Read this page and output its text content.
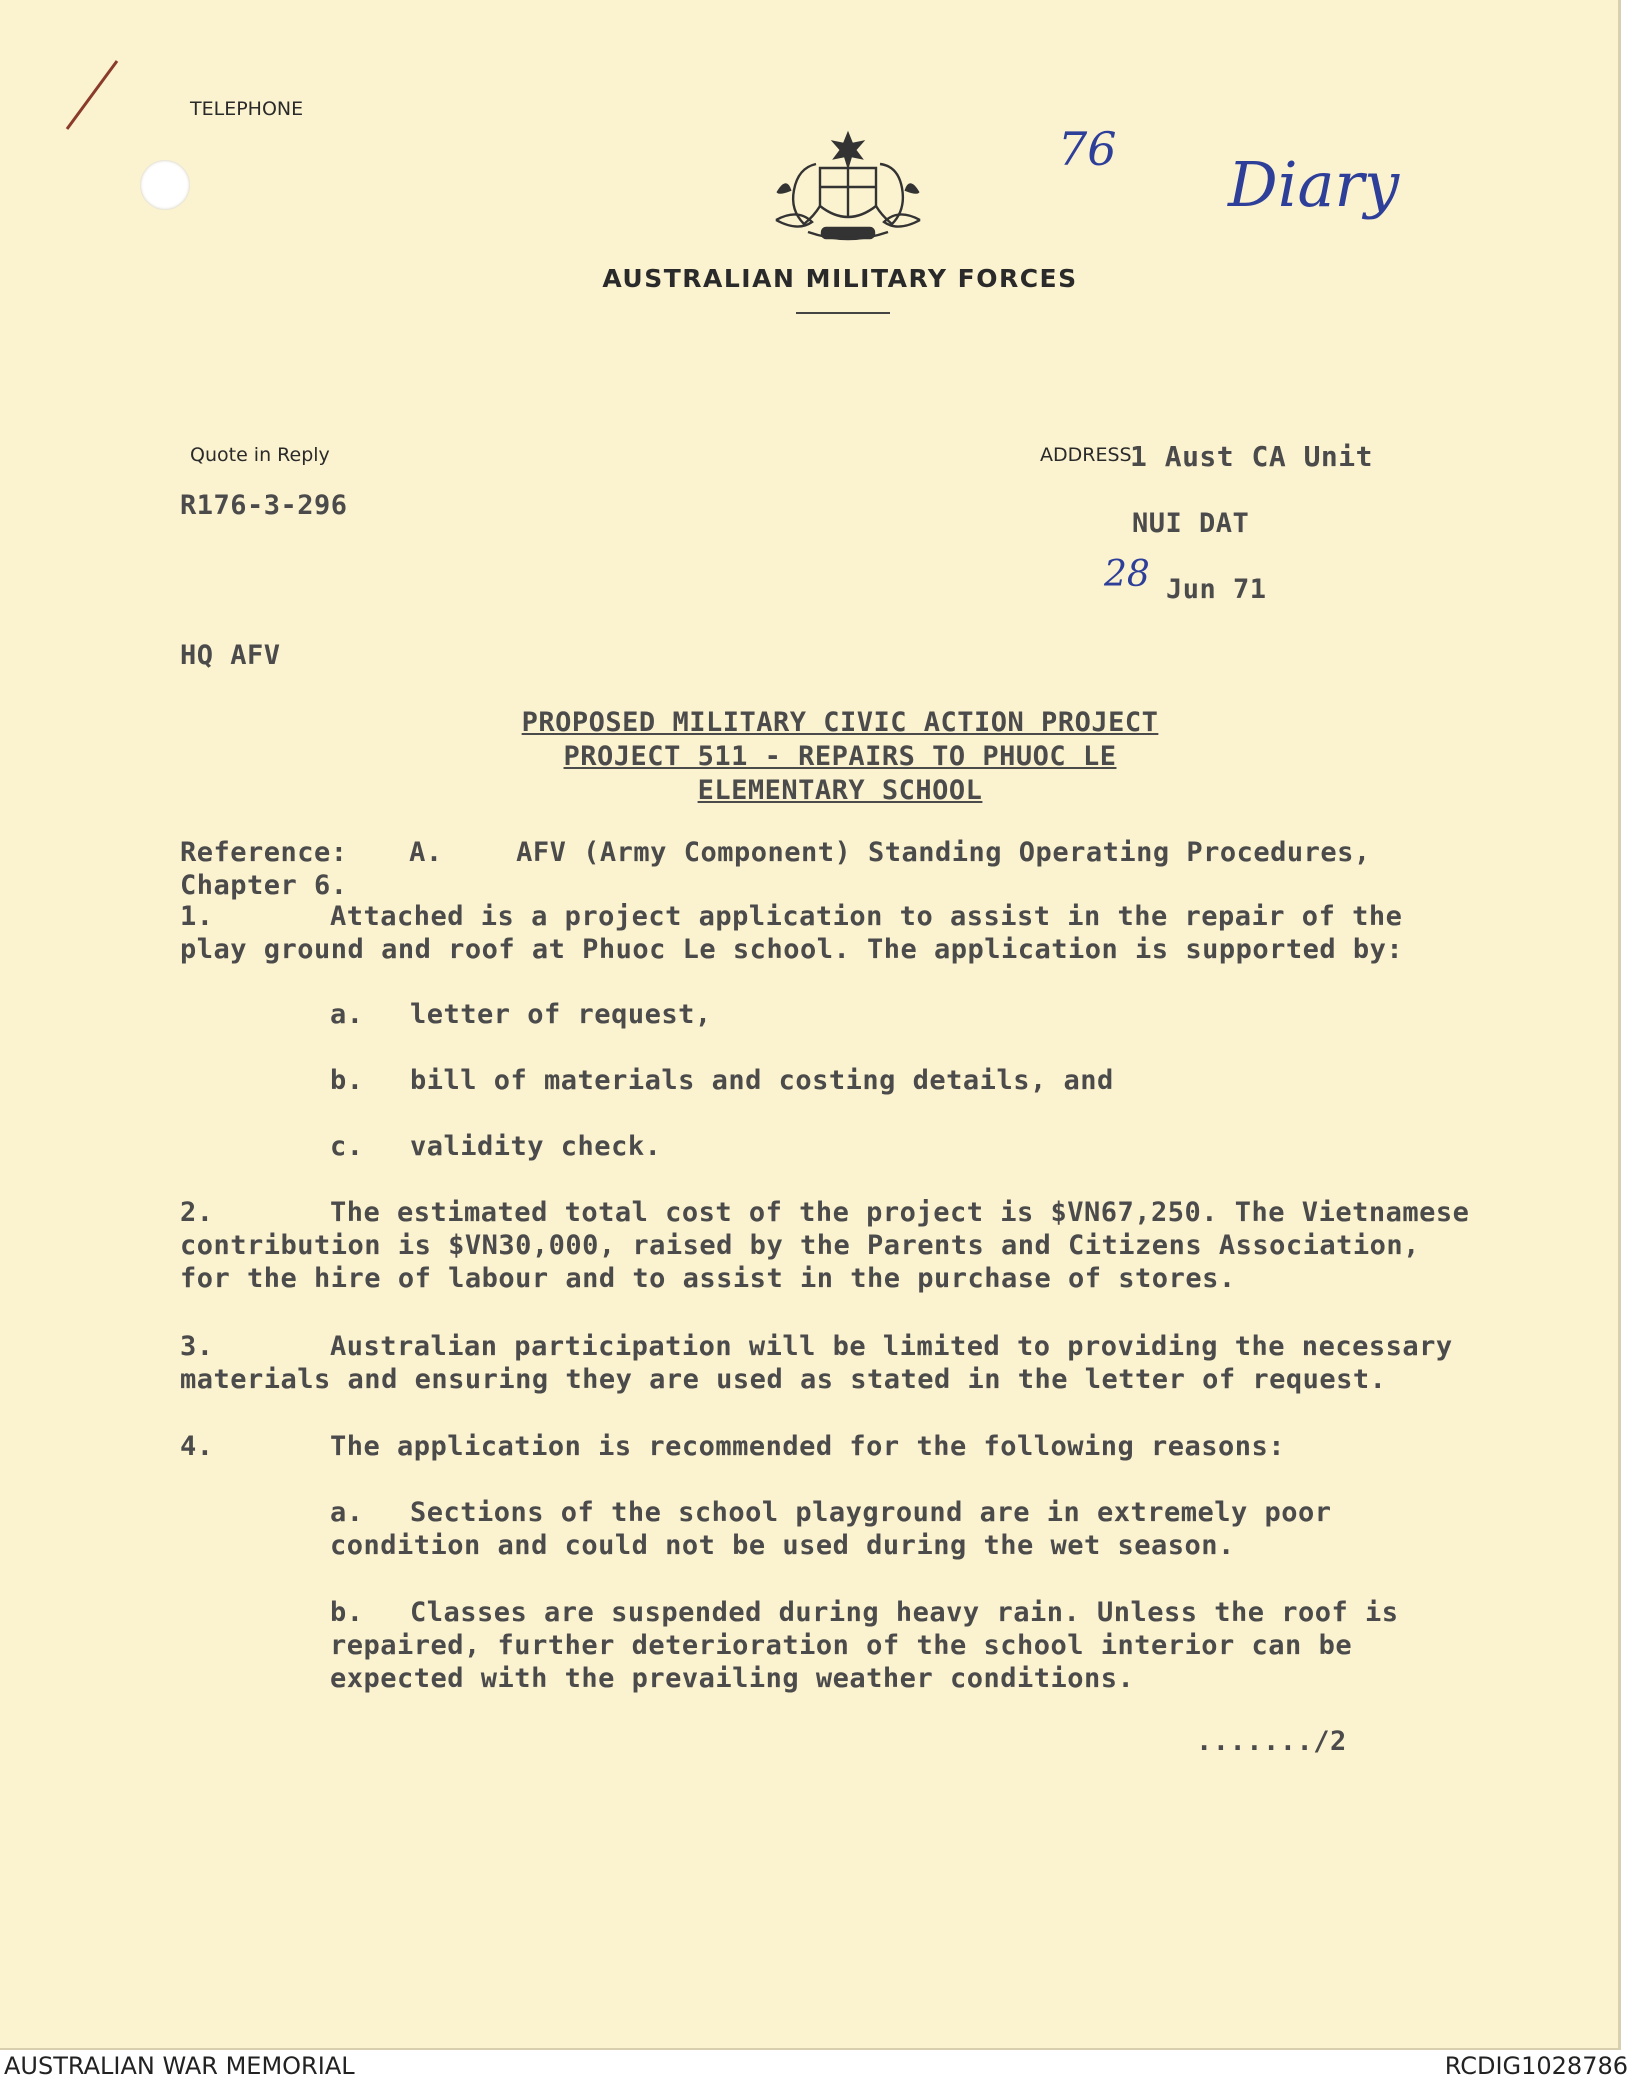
TELEPHONE
AUSTRALIAN MILITARY FORCES
76 Diary
Quote in Reply
R176-3-296
ADDRESS
1 Aust CA Unit
NUI DAT
28 Jun 71
HQ AFV
PROPOSED MILITARY CIVIC ACTION PROJECT
PROJECT 511 - REPAIRS TO PHUOC LE
ELEMENTARY SCHOOL
Reference: A.	AFV (Army Component) Standing Operating Procedures, Chapter 6.
1.	Attached is a project application to assist in the repair of the play ground and roof at Phuoc Le school. The application is supported by:
a. letter of request,
b. bill of materials and costing details, and
c. validity check.
2.	The estimated total cost of the project is $VN67,250. The Vietnamese contribution is $VN30,000, raised by the Parents and Citizens Association, for the hire of labour and to assist in the purchase of stores.
3.	Australian participation will be limited to providing the necessary materials and ensuring they are used as stated in the letter of request.
4.	The application is recommended for the following reasons:
a. Sections of the school playground are in extremely poor condition and could not be used during the wet season.
b. Classes are suspended during heavy rain. Unless the roof is repaired, further deterioration of the school interior can be expected with the prevailing weather conditions.
......./2
AUSTRALIAN WAR MEMORIAL	RCDIG1028786
